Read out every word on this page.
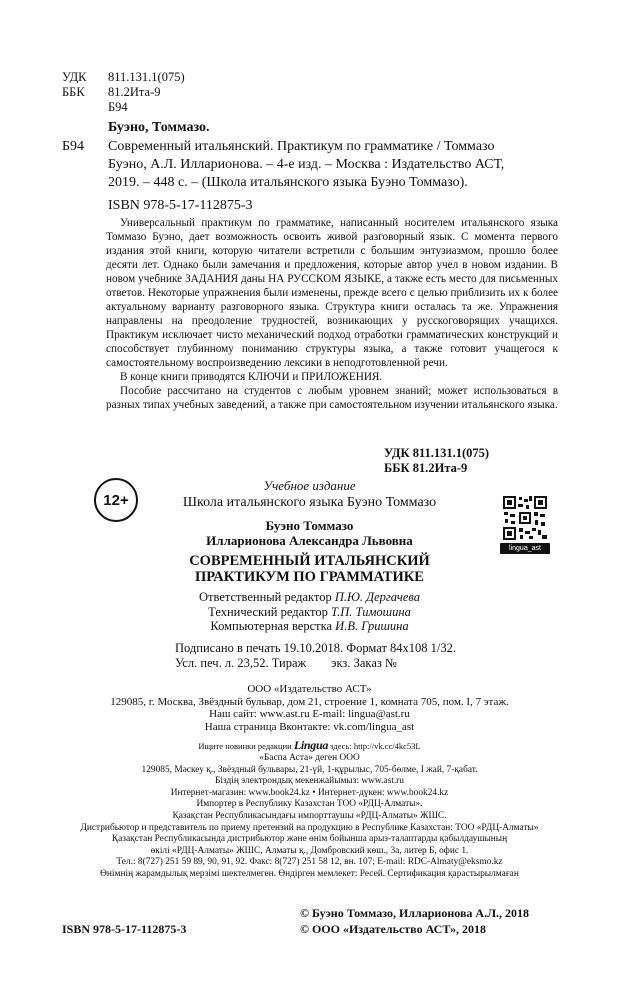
УДК 811.131.1(075)
ББК 81.2Ита-9
Б94
Буэно, Томмазо.
Б94 Современный итальянский. Практикум по грамматике / Томмазо
Буэно, А.Л. Илларионова. – 4-е изд. – Москва : Издательство АСТ,
2019. – 448 с. – (Школа итальянского языка Буэно Томмазо).
ISBN 978-5-17-112875-3

Универсальный практикум по грамматике, написанный носителем итальянского языка Томмазо Буэно, дает возможность освоить живой разговорный язык. С момента первого издания этой книги, которую читатели встретили с большим энтузиазмом, прошло более десяти лет. Однако были замечания и предложения, которые автор учел в новом издании. В новом учебнике ЗАДАНИЯ даны НА РУССКОМ ЯЗЫКЕ, а также есть место для письменных ответов. Некоторые упражнения были изменены, прежде всего с целью приблизить их к более актуальному варианту разговорного языка. Структура книги осталась та же. Упражнения направлены на преодоление трудностей, возникающих у русскоговорящих учащихся. Практикум исключает чисто механический подход отработки грамматических конструкций и способствует глубинному пониманию структуры языка, а также готовит учащегося к самостоятельному воспроизведению лексики в неподготовленной речи.

В конце книги приводятся КЛЮЧИ и ПРИЛОЖЕНИЯ.

Пособие рассчитано на студентов с любым уровнем знаний; может использоваться в разных типах учебных заведений, а также при самостоятельном изучении итальянского языка.

УДК 811.131.1(075)
ББК 81.2Ита-9
12+
lingua_ast
Учебное издание
Школа итальянского языка Буэно Томмазо
Буэно Томмазо
Илларионова Александра Львовна
СОВРЕМЕННЫЙ ИТАЛЬЯНСКИЙ
ПРАКТИКУМ ПО ГРАММАТИКЕ
Ответственный редактор П.Ю. Дергачева
Технический редактор Т.П. Тимошина
Компьютерная верстка И.В. Гришина
Подписано в печать 19.10.2018. Формат 84x108 1/32.
Усл. печ. л. 23,52. Тираж        экз. Заказ №
ООО «Издательство АСТ»
129085, г. Москва, Звёздный бульвар, дом 21, строение 1, комната 705, пом. I, 7 этаж.
Наш сайт: www.ast.ru E-mail: lingua@ast.ru
Наша страница Вконтакте: vk.com/lingua_ast
Ищите новинки редакции Lingua здесь: http://vk.cc/4kc53L
«Баспа Аста» деген ООО
129085, Мәскеу қ., Звёздный бульвары, 21-үй, 1-құрылыс, 705-бөлме, I жай, 7-қабат.
Біздің электрондық мекенжайымыз: www.ast.ru
Интернет-магазин: www.book24.kz • Интернет-дүкен: www.book24.kz
Импортер в Республику Казахстан ТОО «РДЦ-Алматы».
Қазақстан Республикасындағы импорттаушы «РДЦ-Алматы» ЖШС.
Дистрибьютор и представитель по приему претензий на продукцию в Республике Казахстан: ТОО «РДЦ-Алматы»
Қазақстан Республикасында дистрибьютор және өнім бойынша арыз-талаптарды қабылдаушының
өкілі «РДЦ-Алматы» ЖШС, Алматы қ., Домбровский көш., 3а, литер Б, офис 1.
Тел.: 8(727) 251 59 89, 90, 91, 92. Факс: 8(727) 251 58 12, вн. 107; E-mail: RDC-Almaty@eksmo.kz
Өнімнің жарамдылық мерзімі шектелмеген. Өндірген мемлекет: Ресей. Сертификация қарастырылмаған
ISBN 978-5-17-112875-3
© Буэно Томмазо, Илларионова А.Л., 2018
© ООО «Издательство АСТ», 2018
